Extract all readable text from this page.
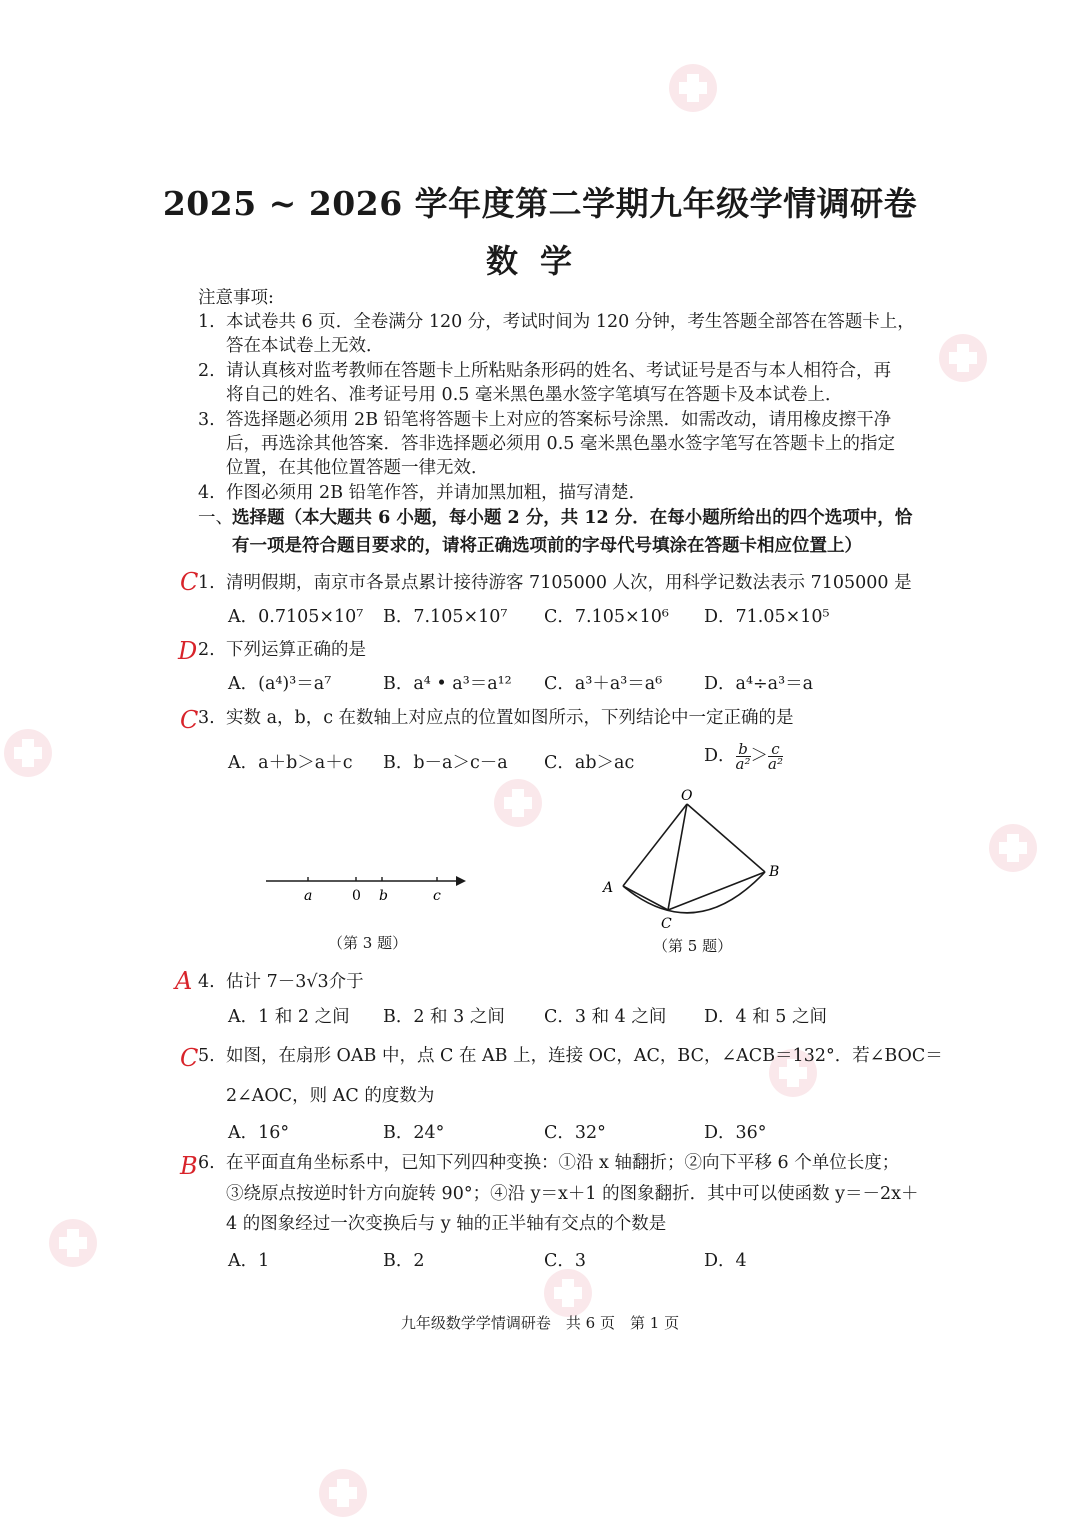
2025 ~ 2026 学年度第二学期九年级学情调研卷
数学
注意事项:
1. 本试卷共 6 页．全卷满分 120 分，考试时间为 120 分钟，考生答题全部答在答题卡上，
答在本试卷上无效．
2. 请认真核对监考教师在答题卡上所粘贴条形码的姓名、考试证号是否与本人相符合，再
将自己的姓名、准考证号用 0.5 毫米黑色墨水签字笔填写在答题卡及本试卷上．
3. 答选择题必须用 2B 铅笔将答题卡上对应的答案标号涂黑．如需改动，请用橡皮擦干净
后，再选涂其他答案．答非选择题必须用 0.5 毫米黑色墨水签字笔写在答题卡上的指定
位置，在其他位置答题一律无效．
4. 作图必须用 2B 铅笔作答，并请加黑加粗，描写清楚．
一、 选择题（本大题共 6 小题，每小题 2 分，共 12 分．在每小题所给出的四个选项中，恰
有一项是符合题目要求的，请将正确选项前的字母代号填涂在答题卡相应位置上）
C 1. 清明假期，南京市各景点累计接待游客 7105000 人次，用科学记数法表示 7105000 是
A．0.7105×10⁷ B．7.105×10⁷ C．7.105×10⁶ D．71.05×10⁵
D 2. 下列运算正确的是
A．(a⁴)³＝a⁷	B．a⁴ • a³＝a¹² C．a³＋a³＝a⁶ D．a⁴÷a³＝a
C 3. 实数 a，b，c 在数轴上对应点的位置如图所示，下列结论中一定正确的是
A．a＋b＞a＋c B．b－a＞c－a C．ab＞ac	D． $\frac{b}{\text{a²}} > \frac{c}{\text{a²}}$
a	0 b	c
（第 3 题）
O
A
B
C
（第 5 题）
A 4. 估计 7－3√3介于
A．1 和 2 之间 B．2 和 3 之间 C．3 和 4 之间 D．4 和 5 之间
C 5. 如图，在扇形 OAB 中，点 C 在 AB 上，连接 OC，AC，BC，∠ACB＝132°．若∠BOC＝
2∠AOC，则 AC 的度数为
A．16°	B．24°	C．32°	D．36°
B 6. 在平面直角坐标系中，已知下列四种变换：①沿 x 轴翻折；②向下平移 6 个单位长度；
③绕原点按逆时针方向旋转 90°；④沿 y＝x＋1 的图象翻折．其中可以使函数 y＝－2x＋
4 的图象经过一次变换后与 y 轴的正半轴有交点的个数是
A．1	B．2	C．3	D．4
九年级数学学情调研卷　共 6 页　第 1 页
